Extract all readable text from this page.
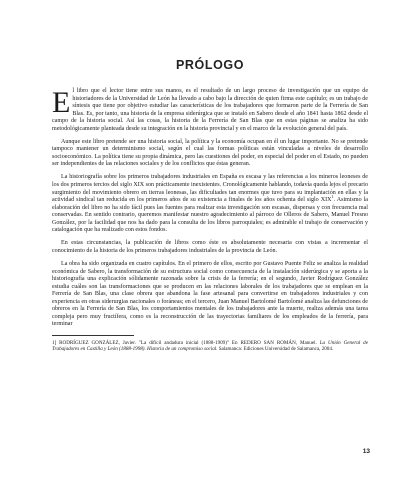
PRÓLOGO

El libro que el lector tiene entre sus manos, es el resultado de un largo proceso de investigación que un equipo de historiadores de la Universidad de León ha llevado a cabo bajo la dirección de quien firma este capítulo; es un trabajo de síntesis que tiene por objetivo estudiar las características de los trabajadores que formaron parte de la Ferrería de San Blas. Es, por tanto, una historia de la empresa siderúrgica que se instaló en Sabero desde el año 1841 hasta 1862 desde el campo de la historia social. Así las cosas, la historia de la Ferrería de San Blas que en estas páginas se analiza ha sido metodológicamente planteada desde su integración en la historia provincial y en el marco de la evolución general del país.

Aunque este libro pretende ser una historia social, la política y la economía ocupan en él un lugar importante. No se pretende tampoco mantener un determinismo social, según el cual las formas políticas están vinculadas a niveles de desarrollo socioeconómico. La política tiene su propia dinámica, pero las cuestiones del poder, en especial del poder en el Estado, no pueden ser independientes de las relaciones sociales y de los conflictos que éstas generan.

La historiografía sobre los primeros trabajadores industriales en España es escasa y las referencias a los mineros leoneses de los dos primeros tercios del siglo XIX son prácticamente inexistentes. Cronológicamente hablando, todavía queda lejos el precario surgimiento del movimiento obrero en tierras leonesas, las dificultades tan enormes que tuvo para su implantación en ellas y la actividad sindical tan reducida en los primeros años de su existencia a finales de los años ochenta del siglo XIX$^1$. Asimismo la elaboración del libro no ha sido fácil pues las fuentes para realizar esta investigación son escasas, dispersas y con frecuencia mal conservadas. En sentido contrario, queremos manifestar nuestro agradecimiento al párroco de Olleros de Sabero, Manuel Fresno González, por la facilidad que nos ha dado para la consulta de los libros parroquiales; es admirable el trabajo de conservación y catalogación que ha realizado con estos fondos.

En estas circunstancias, la publicación de libros como éste es absolutamente necesaria con vistas a incrementar el conocimiento de la historia de los primeros trabajadores industriales de la provincia de León.

La obra ha sido organizada en cuatro capítulos. En el primero de ellos, escrito por Gustavo Puente Feliz se analiza la realidad económica de Sabero, la transformación de su estructura social como consecuencia de la instalación siderúrgica y se aporta a la historiografía una explicación sólidamente razonada sobre la crisis de la ferrería; en el segundo, Javier Rodríguez González estudia cuáles son las transformaciones que se producen en las relaciones laborales de los trabajadores que se emplean en la Ferrería de San Blas, una clase obrera que abandona la fase artesanal para convertirse en trabajadores industriales y con experiencia en otras siderurgias nacionales o foráneas; en el tercero, Juan Manuel Bartolomé Bartolomé analiza las defunciones de obreros en la Ferrería de San Blas, los comportamientos mentales de los trabajadores ante la muerte, realiza además una tarea compleja pero muy fructífera, como es la reconstrucción de las trayectorias familiares de los empleados de la ferrería, para terminar

1] RODRÍGUEZ GONZÁLEZ, Javier. "La difícil andadura inicial (1888-1909)" En REDERO SAN ROMÁN, Manuel. La Unión General de Trabajadores en Castilla y León (1888-1998). Historia de un compromiso social. Salamanca: Ediciones Universidad de Salamanca, 2004.

13
